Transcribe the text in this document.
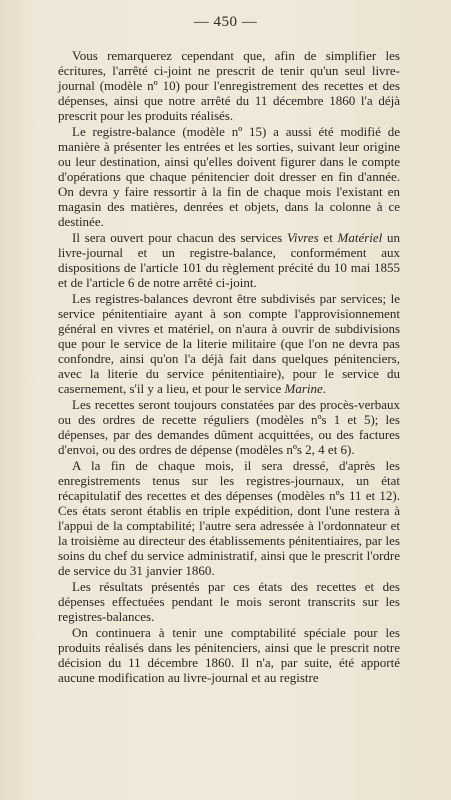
— 450 —

Vous remarquerez cependant que, afin de simplifier les écritures, l'arrêté ci-joint ne prescrit de tenir qu'un seul livre-journal (modèle nº 10) pour l'enregistrement des recettes et des dépenses, ainsi que notre arrêté du 11 décembre 1860 l'a déjà prescrit pour les produits réalisés.

Le registre-balance (modèle nº 15) a aussi été modifié de manière à présenter les entrées et les sorties, suivant leur origine ou leur destination, ainsi qu'elles doivent figurer dans le compte d'opérations que chaque pénitencier doit dresser en fin d'année. On devra y faire ressortir à la fin de chaque mois l'existant en magasin des matières, denrées et objets, dans la colonne à ce destinée.

Il sera ouvert pour chacun des services Vivres et Matériel un livre-journal et un registre-balance, conformément aux dispositions de l'article 101 du règlement précité du 10 mai 1855 et de l'article 6 de notre arrêté ci-joint.

Les registres-balances devront être subdivisés par services; le service pénitentiaire ayant à son compte l'approvisionnement général en vivres et matériel, on n'aura à ouvrir de subdivisions que pour le service de la literie militaire (que l'on ne devra pas confondre, ainsi qu'on l'a déjà fait dans quelques pénitenciers, avec la literie du service pénitentiaire), pour le service du casernement, s'il y a lieu, et pour le service Marine.

Les recettes seront toujours constatées par des procès-verbaux ou des ordres de recette réguliers (modèles nºs 1 et 5); les dépenses, par des demandes dûment acquittées, ou des factures d'envoi, ou des ordres de dépense (modèles nºs 2, 4 et 6).

A la fin de chaque mois, il sera dressé, d'après les enregistrements tenus sur les registres-journaux, un état récapitulatif des recettes et des dépenses (modèles nºs 11 et 12). Ces états seront établis en triple expédition, dont l'une restera à l'appui de la comptabilité; l'autre sera adressée à l'ordonnateur et la troisième au directeur des établissements pénitentiaires, par les soins du chef du service administratif, ainsi que le prescrit l'ordre de service du 31 janvier 1860.

Les résultats présentés par ces états des recettes et des dépenses effectuées pendant le mois seront transcrits sur les registres-balances.

On continuera à tenir une comptabilité spéciale pour les produits réalisés dans les pénitenciers, ainsi que le prescrit notre décision du 11 décembre 1860. Il n'a, par suite, été apporté aucune modification au livre-journal et au registre
